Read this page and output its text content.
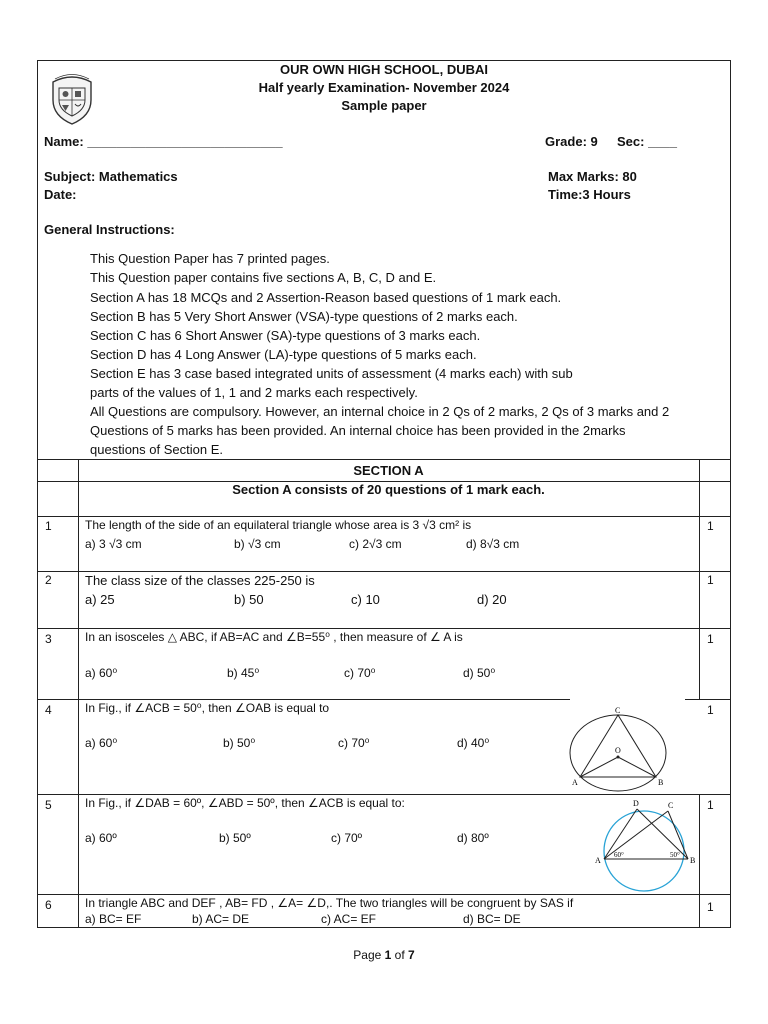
OUR OWN HIGH SCHOOL, DUBAI
Half yearly Examination- November 2024
Sample paper
Name: ___________________________	Grade: 9 Sec: ____
Subject: Mathematics	Max Marks: 80
Date:	Time:3 Hours
General Instructions:
This Question Paper has 7 printed pages.
This Question paper contains five sections A, B, C, D and E.
Section A has 18 MCQs and 2 Assertion-Reason based questions of 1 mark each.
Section B has 5 Very Short Answer (VSA)-type questions of 2 marks each.
Section C has 6 Short Answer (SA)-type questions of 3 marks each.
Section D has 4 Long Answer (LA)-type questions of 5 marks each.
Section E has 3 case based integrated units of assessment (4 marks each) with sub
parts of the values of 1, 1 and 2 marks each respectively.
All Questions are compulsory. However, an internal choice in 2 Qs of 2 marks, 2 Qs of 3 marks and 2
Questions of 5 marks has been provided. An internal choice has been provided in the 2marks
questions of Section E.
SECTION A
Section A consists of 20 questions of 1 mark each.
1	The length of the side of an equilateral triangle whose area is 3 √3 cm² is
a) 3 √3 cm	b) √3 cm	c) 2√3 cm	d) 8√3 cm
1
2	The class size of the classes 225-250 is
a) 25	b) 50	c) 10	d) 20
1
3	In an isosceles △ ABC, if AB=AC and ∠B=55⁰ , then measure of ∠ A is
a) 60⁰	b) 45⁰	c) 70⁰	d) 50⁰
1
4	In Fig., if ∠ACB = 50⁰, then ∠OAB is equal to
a) 60⁰	b) 50⁰	c) 70⁰	d) 40⁰
1
C
O
A	B
5	In Fig., if ∠DAB = 60º, ∠ABD = 50º, then ∠ACB is equal to:
a) 60º	b) 50º	c) 70º	d) 80º
1
D	C
A	B
60°	50°
6	In triangle ABC and DEF , AB= FD , ∠A= ∠D,. The two triangles will be congruent by SAS if
a) BC= EF	b) AC= DE	c) AC= EF	d) BC= DE
1
Page 1 of 7
